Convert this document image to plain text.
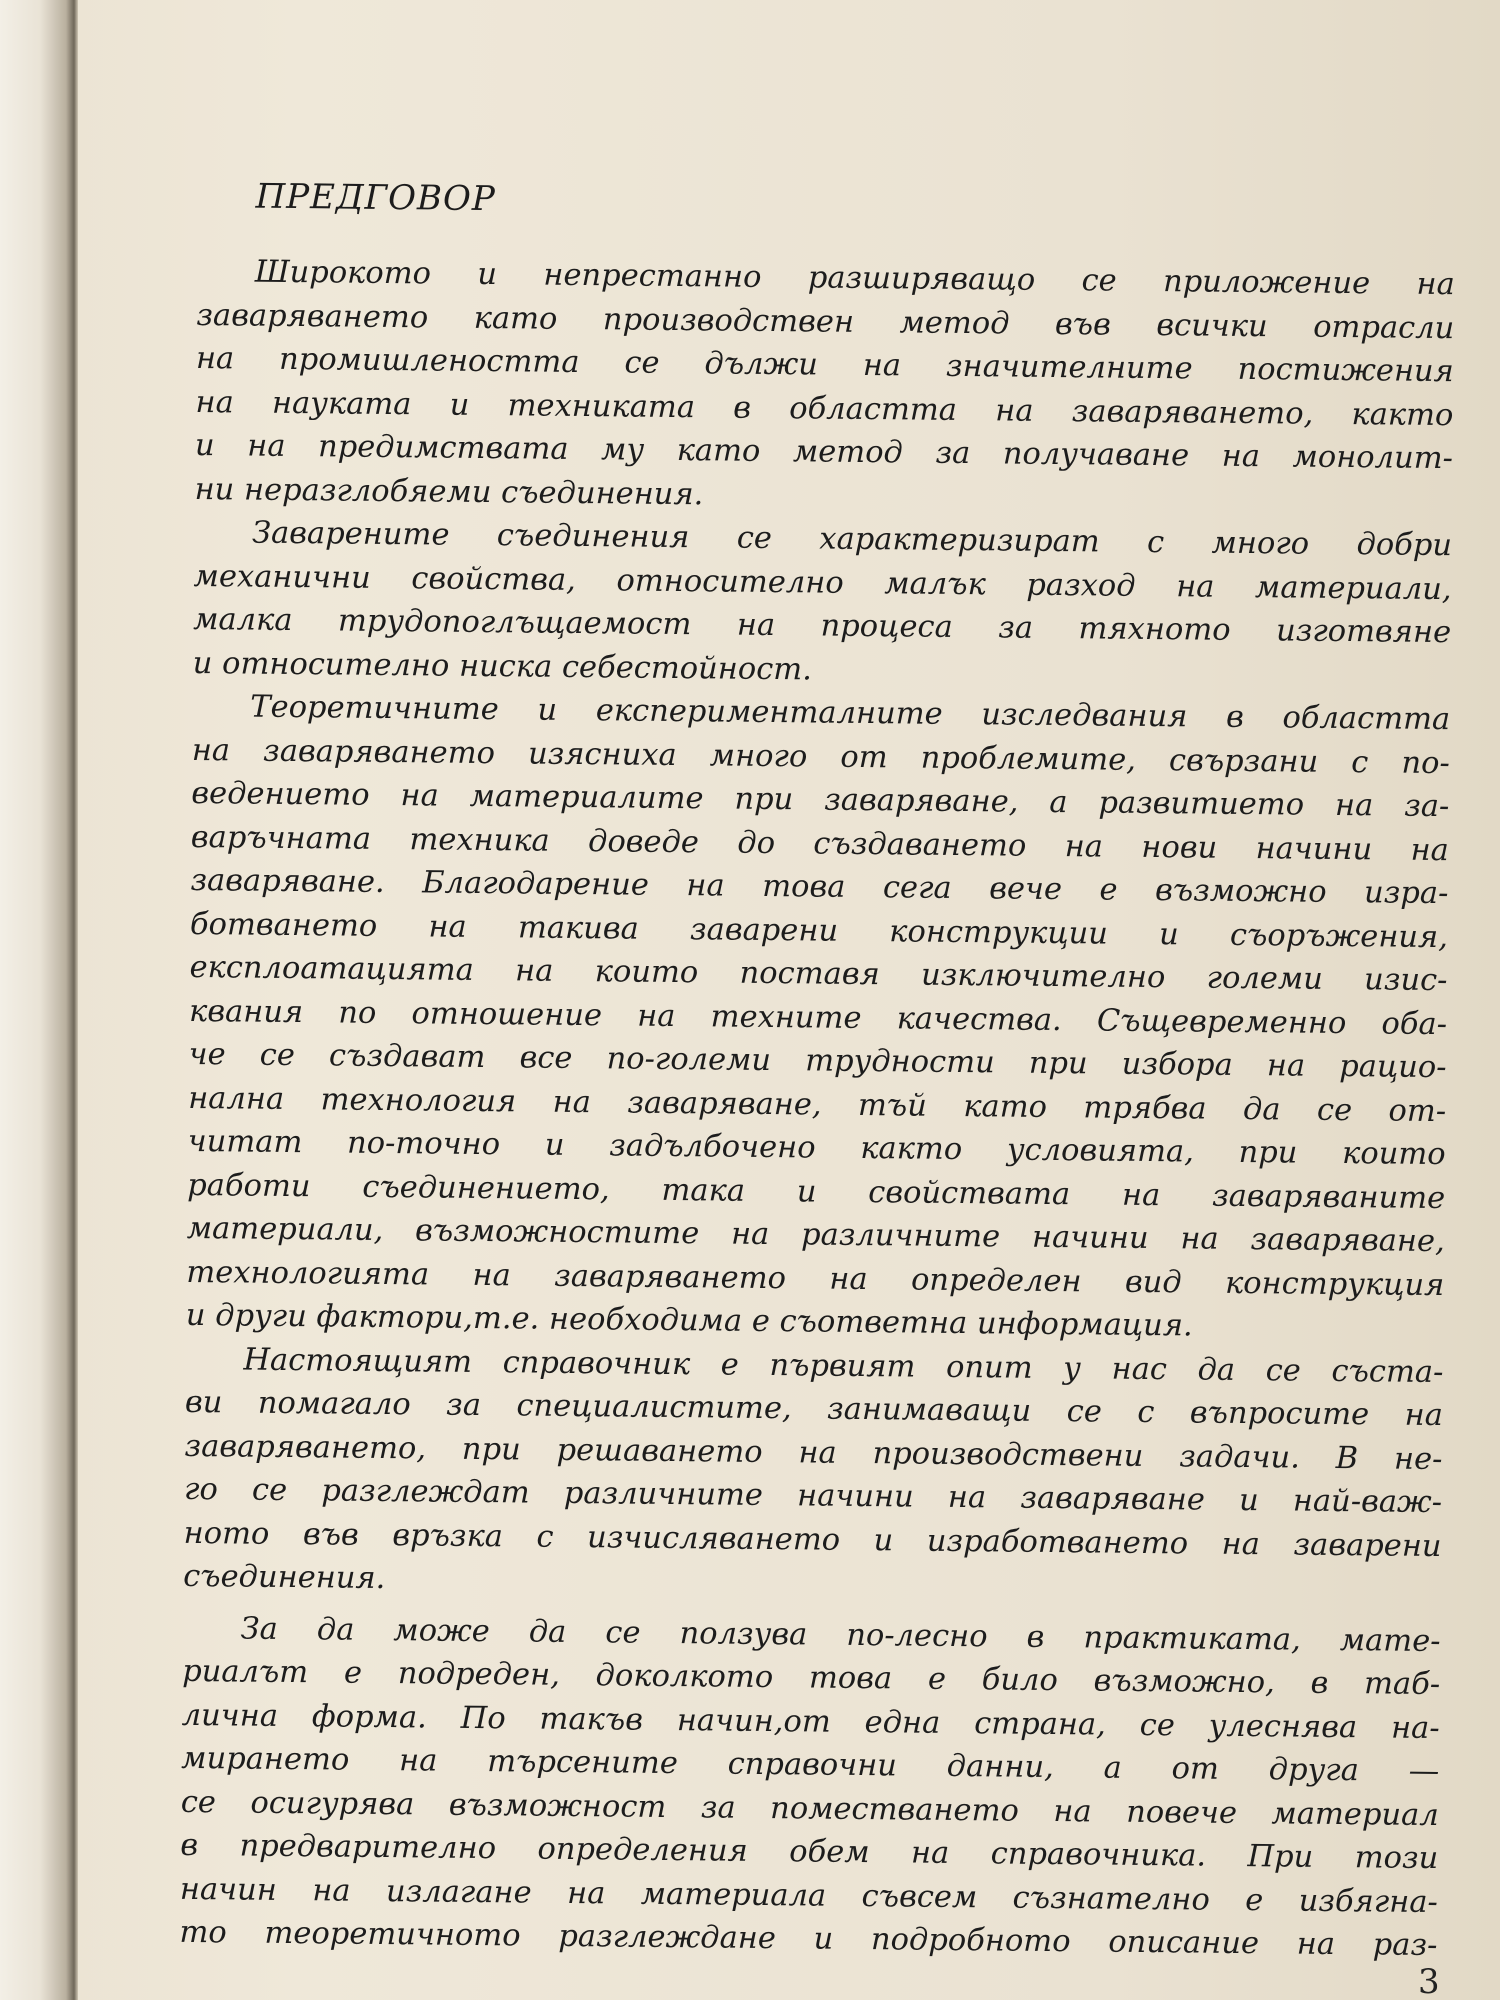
ПРЕДГОВОР
Широкото и непрестанно разширяващо се приложение на
заваряването като производствен метод във всички отрасли
на промишлеността се дължи на значителните постижения
на науката и техниката в областта на заваряването, както
и на предимствата му като метод за получаване на монолит-
ни неразглобяеми съединения.
Заварените съединения се характеризират с много добри
механични свойства, относително малък разход на материали,
малка трудопоглъщаемост на процеса за тяхното изготвяне
и относително ниска себестойност.
Теоретичните и експерименталните изследвания в областта
на заваряването изясниха много от проблемите, свързани с по-
ведението на материалите при заваряване, а развитието на за-
варъчната техника доведе до създаването на нови начини на
заваряване. Благодарение на това сега вече е възможно изра-
ботването на такива заварени конструкции и съоръжения,
експлоатацията на които поставя изключително големи изис-
квания по отношение на техните качества. Същевременно оба-
че се създават все по-големи трудности при избора на рацио-
нална технология на заваряване, тъй като трябва да се от-
читат по-точно и задълбочено както условията, при които
работи съединението, така и свойствата на заваряваните
материали, възможностите на различните начини на заваряване,
технологията на заваряването на определен вид конструкция
и други фактори,т.е. необходима е съответна информация.
Настоящият справочник е първият опит у нас да се съста-
ви помагало за специалистите, занимаващи се с въпросите на
заваряването, при решаването на производствени задачи. В не-
го се разглеждат различните начини на заваряване и най-важ-
ното във връзка с изчисляването и изработването на заварени
съединения.
За да може да се ползува по-лесно в практиката, мате-
риалът е подреден, доколкото това е било възможно, в таб-
лична форма. По такъв начин,от една страна, се улеснява на-
мирането на търсените справочни данни, а от друга —
се осигурява възможност за поместването на повече материал
в предварително определения обем на справочника. При този
начин на излагане на материала съвсем съзнателно е избягна-
то теоретичното разглеждане и подробното описание на раз-
3
